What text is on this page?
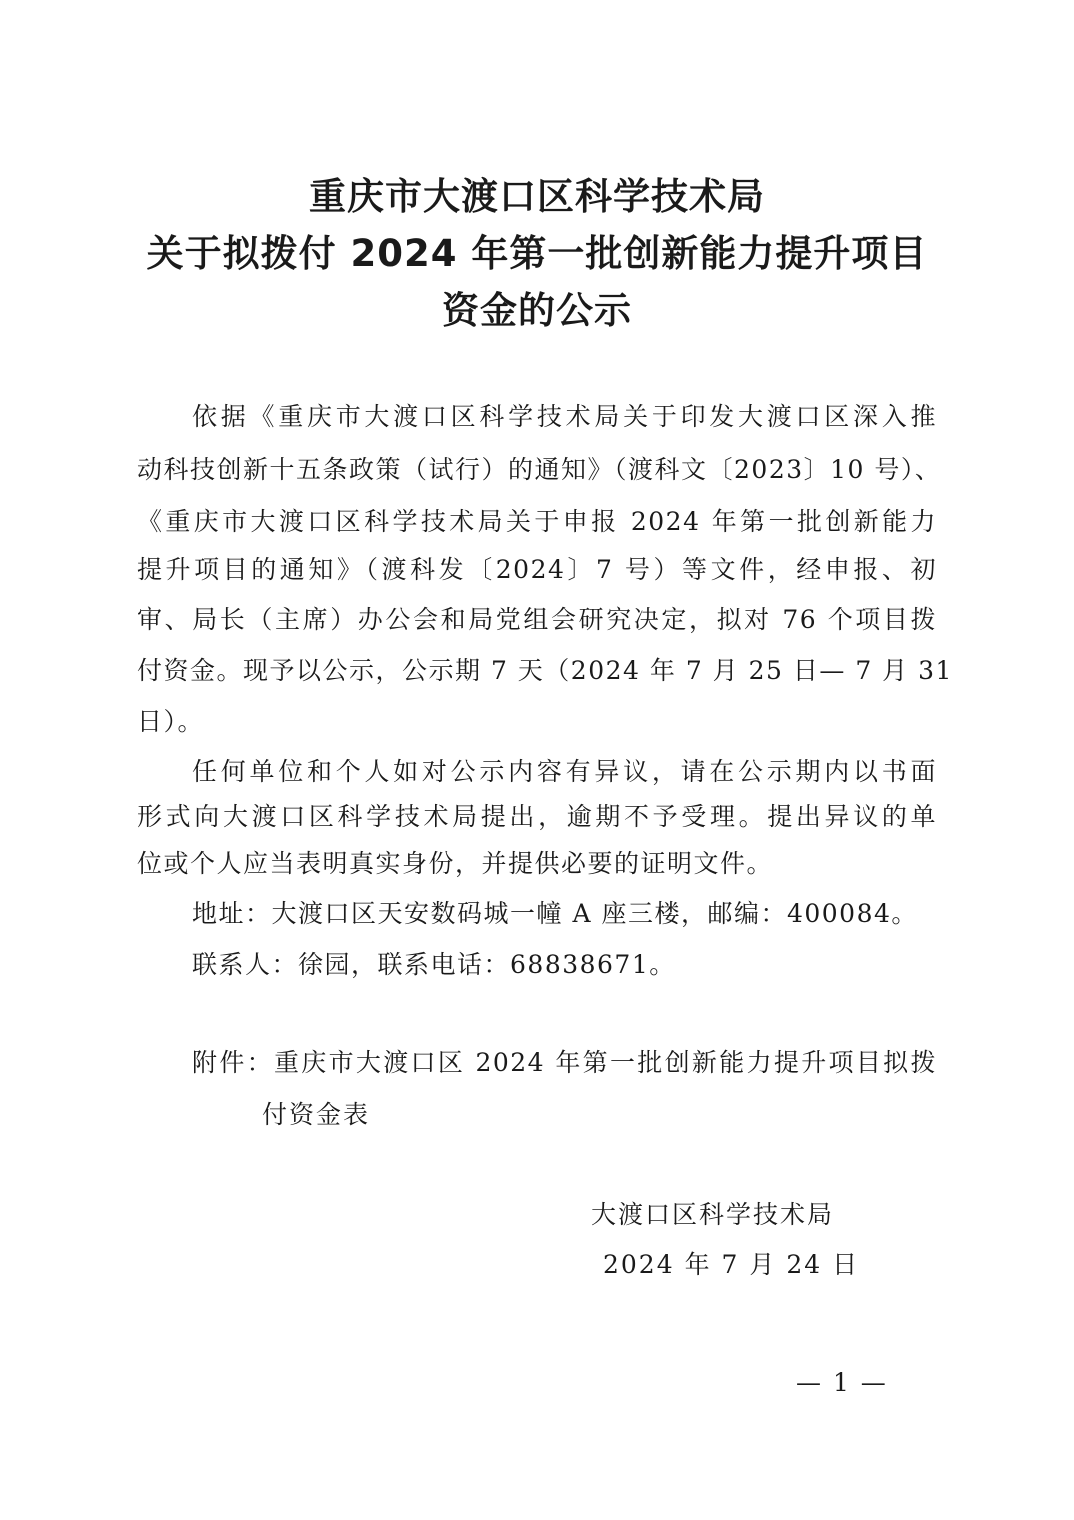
重庆市大渡口区科学技术局
关于拟拨付 2024 年第一批创新能力提升项目
资金的公示
依据《重庆市大渡口区科学技术局关于印发大渡口区深入推
动科技创新十五条政策（试行）的通知》（渡科文〔2023〕10 号）、
《重庆市大渡口区科学技术局关于申报 2024 年第一批创新能力
提升项目的通知》（渡科发〔2024〕7 号）等文件，经申报、初
审、局长（主席）办公会和局党组会研究决定，拟对 76 个项目拨
付资金。现予以公示，公示期 7 天（2024 年 7 月 25 日— 7 月 31
日）。
任何单位和个人如对公示内容有异议，请在公示期内以书面
形式向大渡口区科学技术局提出，逾期不予受理。提出异议的单
位或个人应当表明真实身份，并提供必要的证明文件。
地址：大渡口区天安数码城一幢 A 座三楼，邮编：400084。
联系人：徐园，联系电话：68838671。
附件：重庆市大渡口区 2024 年第一批创新能力提升项目拟拨
付资金表
大渡口区科学技术局
2024 年 7 月 24 日
— 1 —
